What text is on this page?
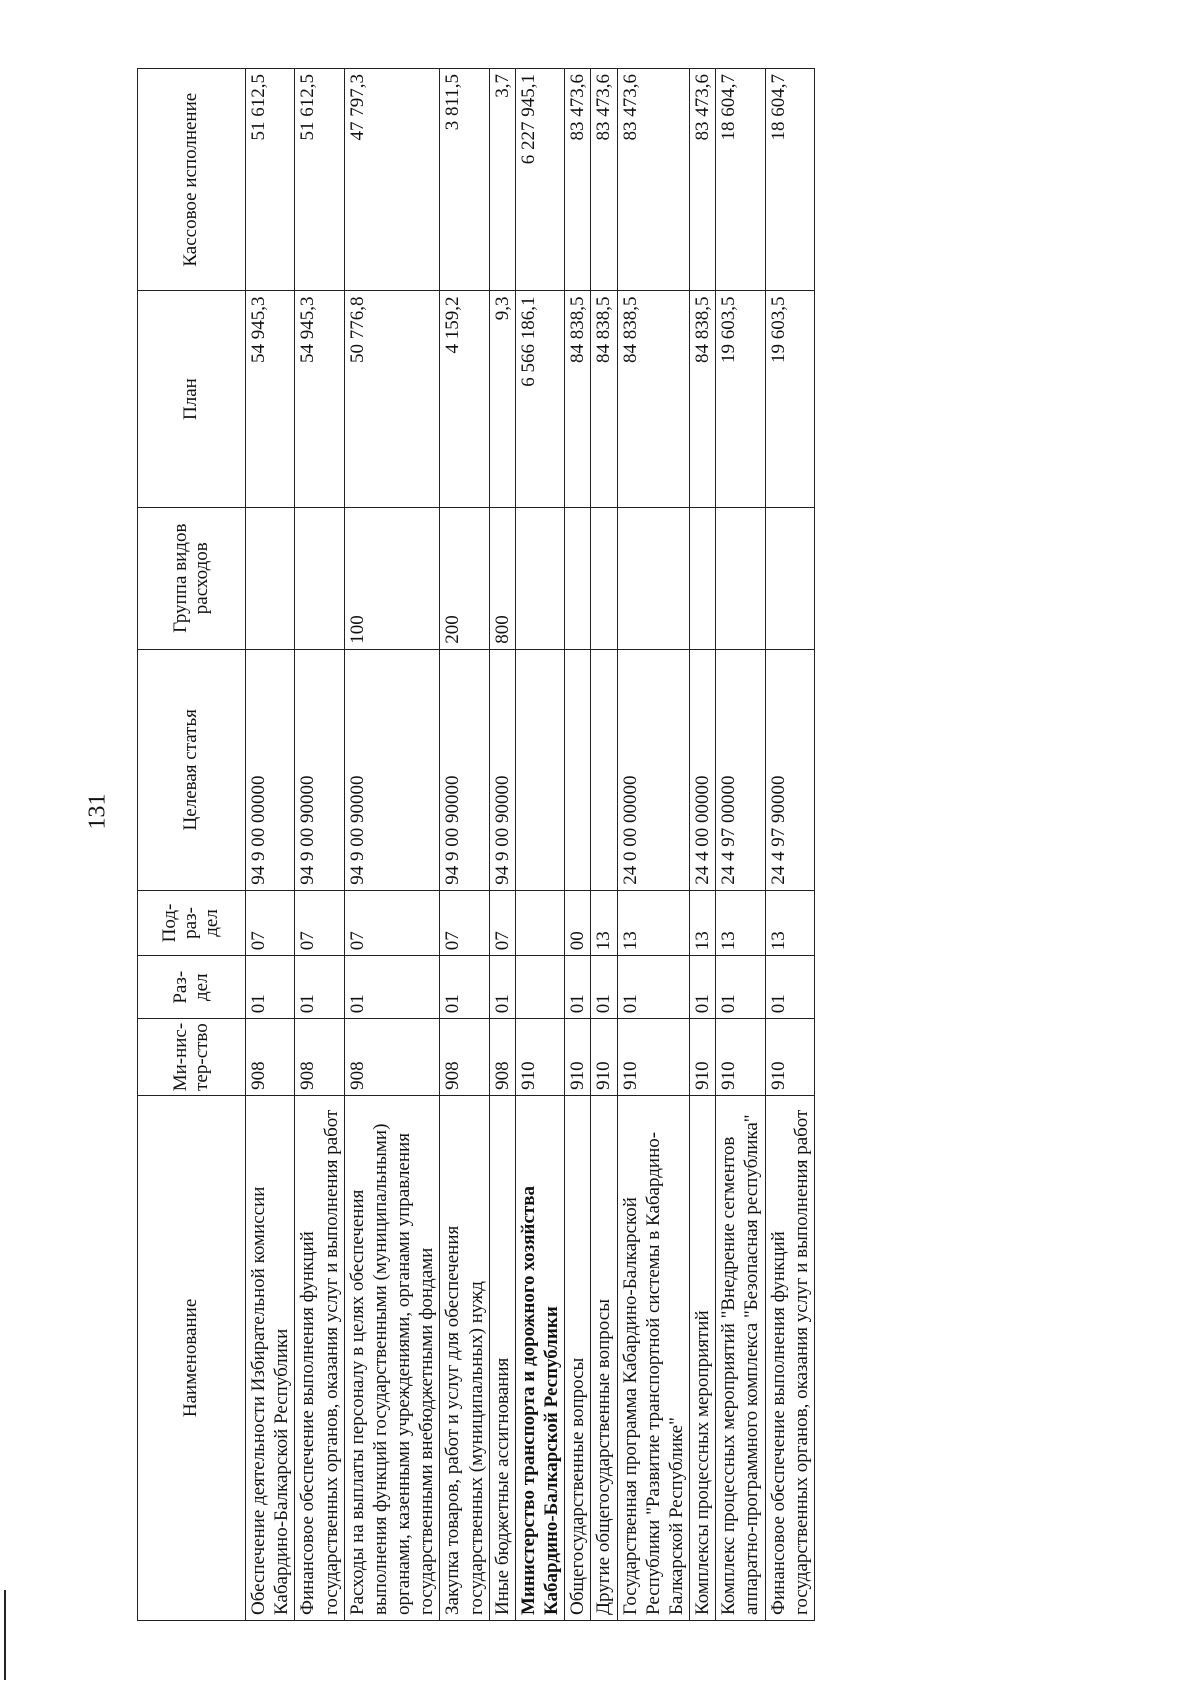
131
Наименование	Ми-нис-тер-ство	Раз-дел	Под-раз-дел	Целевая статья	Группа видов расходов	План	Кассовое исполнение
Обеспечение деятельности Избирательной комиссии Кабардино-Балкарской Республики	908	01	07	94 9 00 00000		54 945,3	51 612,5
Финансовое обеспечение выполнения функций государственных органов, оказания услуг и выполнения работ	908	01	07	94 9 00 90000		54 945,3	51 612,5
Расходы на выплаты персоналу в целях обеспечения выполнения функций государственными (муниципальными) органами, казенными учреждениями, органами управления государственными внебюджетными фондами	908	01	07	94 9 00 90000	100	50 776,8	47 797,3
Закупка товаров, работ и услуг для обеспечения государственных (муниципальных) нужд	908	01	07	94 9 00 90000	200	4 159,2	3 811,5
Иные бюджетные ассигнования	908	01	07	94 9 00 90000	800	9,3	3,7
Министерство транспорта и дорожного хозяйства Кабардино-Балкарской Республики	910					6 566 186,1	6 227 945,1
Общегосударственные вопросы	910	01	00			84 838,5	83 473,6
Другие общегосударственные вопросы	910	01	13			84 838,5	83 473,6
Государственная программа Кабардино-Балкарской Республики "Развитие транспортной системы в Кабардино-Балкарской Республике"	910	01	13	24 0 00 00000		84 838,5	83 473,6
Комплексы процессных мероприятий	910	01	13	24 4 00 00000		84 838,5	83 473,6
Комплекс процессных мероприятий "Внедрение сегментов аппаратно-программного комплекса "Безопасная республика"	910	01	13	24 4 97 00000		19 603,5	18 604,7
Финансовое обеспечение выполнения функций государственных органов, оказания услуг и выполнения работ	910	01	13	24 4 97 90000		19 603,5	18 604,7
